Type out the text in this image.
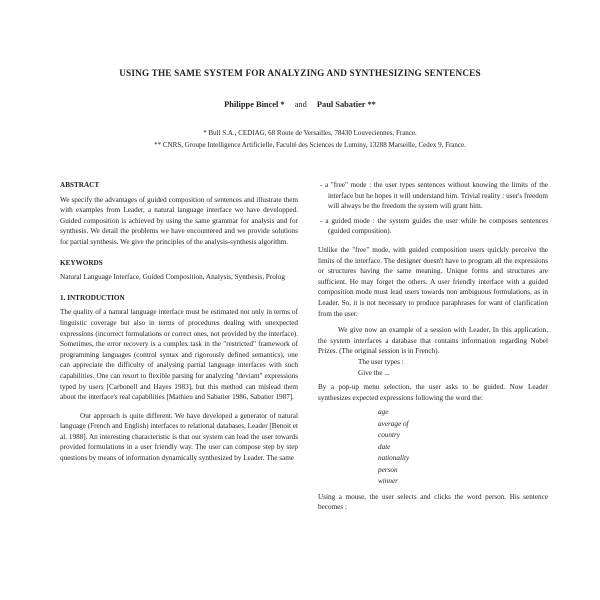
USING THE SAME SYSTEM FOR ANALYZING AND SYNTHESIZING SENTENCES
Philippe Bincel * and Paul Sabatier **
* Bull S.A., CEDIAG, 68 Route de Versailles, 78430 Louveciennes, France.
** CNRS, Groupe Intelligence Artificielle, Faculté des Sciences de Luminy, 13288 Marseille, Cedex 9, France.
ABSTRACT

We specify the advantages of guided composition of sentences and illustrate them with examples from Leader, a natural language interface we have developped. Guided composition is achieved by using the same grammar for analysis and for synthesis. We detail the problems we have encountered and we provide solutions for partial synthesis. We give the principles of the analysis-synthesis algorithm.

KEYWORDS

Natural Language Interface, Guided Composition, Analysis, Synthesis, Prolog

1. INTRODUCTION

The quality of a natural language interface must be estimated not only in terms of linguistic coverage but also in terms of procedures dealing with unexpected expressions (incorrect formulations or correct ones, not provided by the interface). Sometimes, the error recovery is a complex task in the "restricted" framework of programming languages (control syntax and rigorously defined semantics), one can appreciate the difficulty of analysing partial language interfaces with such capabilities. One can resort to flexible parsing for analyzing "deviant" expressions typed by users [Carbonell and Hayes 1983], but this method can mislead them about the interface's real capabilities [Mathieu and Sabatier 1986, Sabatier 1987].

Our approach is quite different. We have developed a generator of natural language (French and English) interfaces to relational databases, Leader [Benoit et al. 1988]. An interesting characteristic is that our system can lead the user towards provided formulations in a user friendly way. The user can compose step by step questions by means of information dynamically synthesized by Leader. The same

- a "free" mode : the user types sentences without knowing the limits of the interface but he hopes it will understand him. Trivial reality : user's freedom will always be the freedom the system will grant him.

- a guided mode : the system guides the user while he composes sentences (guided composition).

Unlike the "free" mode, with guided composition users quickly perceive the limits of the interface. The designer doesn't have to program all the expressions or structures having the same meaning. Unique forms and structures are sufficient. He may forget the others. A user friendly interface with a guided composition mode must lead users towards non ambiguous formulations, as in Leader. So, it is not necessary to produce paraphrases for want of clarification from the user.

We give now an example of a session with Leader. In this application, the system interfaces a database that contains information regarding Nobel Prizes. (The original session is in French).

The user types :

Give the ...

By a pop-up menu selection, the user asks to be guided. Now Leader synthesizes expected expressions following the word the:

age
average of
country
date
nationality
person
winner

Using a mouse, the user selects and clicks the word person. His sentence becomes :
